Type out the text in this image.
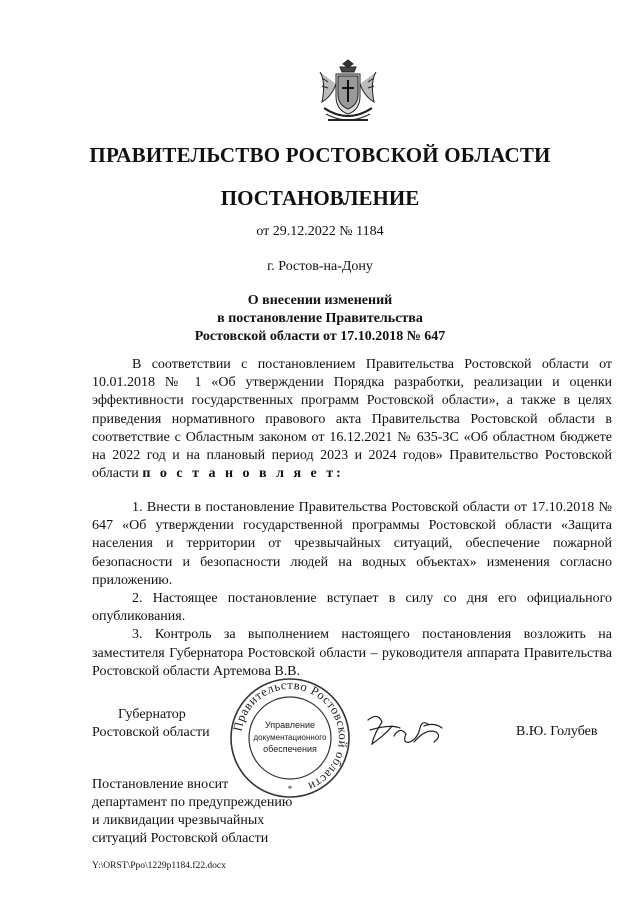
ПРАВИТЕЛЬСТВО РОСТОВСКОЙ ОБЛАСТИ
ПОСТАНОВЛЕНИЕ
от 29.12.2022 № 1184
г. Ростов-на-Дону
О внесении изменений
в постановление Правительства
Ростовской области от 17.10.2018 № 647

В соответствии с постановлением Правительства Ростовской области от 10.01.2018 № 1 «Об утверждении Порядка разработки, реализации и оценки эффективности государственных программ Ростовской области», а также в целях приведения нормативного правового акта Правительства Ростовской области в соответствие с Областным законом от 16.12.2021 № 635-ЗС «Об областном бюджете на 2022 год и на плановый период 2023 и 2024 годов» Правительство Ростовской области п о с т а н о в л я е т:

1. Внести в постановление Правительства Ростовской области от 17.10.2018 № 647 «Об утверждении государственной программы Ростовской области «Защита населения и территории от чрезвычайных ситуаций, обеспечение пожарной безопасности и безопасности людей на водных объектах» изменения согласно приложению.

2. Настоящее постановление вступает в силу со дня его официального опубликования.

3. Контроль за выполнением настоящего постановления возложить на заместителя Губернатора Ростовской области – руководителя аппарата Правительства Ростовской области Артемова В.В.

Губернатор
Ростовской области Правительство Ростовской области
Управление
документационного
обеспечения
*
В.Ю. Голубев
Постановление вносит
департамент по предупреждению
и ликвидации чрезвычайных
ситуаций Ростовской области
Y:\ORST\Ppo\1229p1184.f22.docx
